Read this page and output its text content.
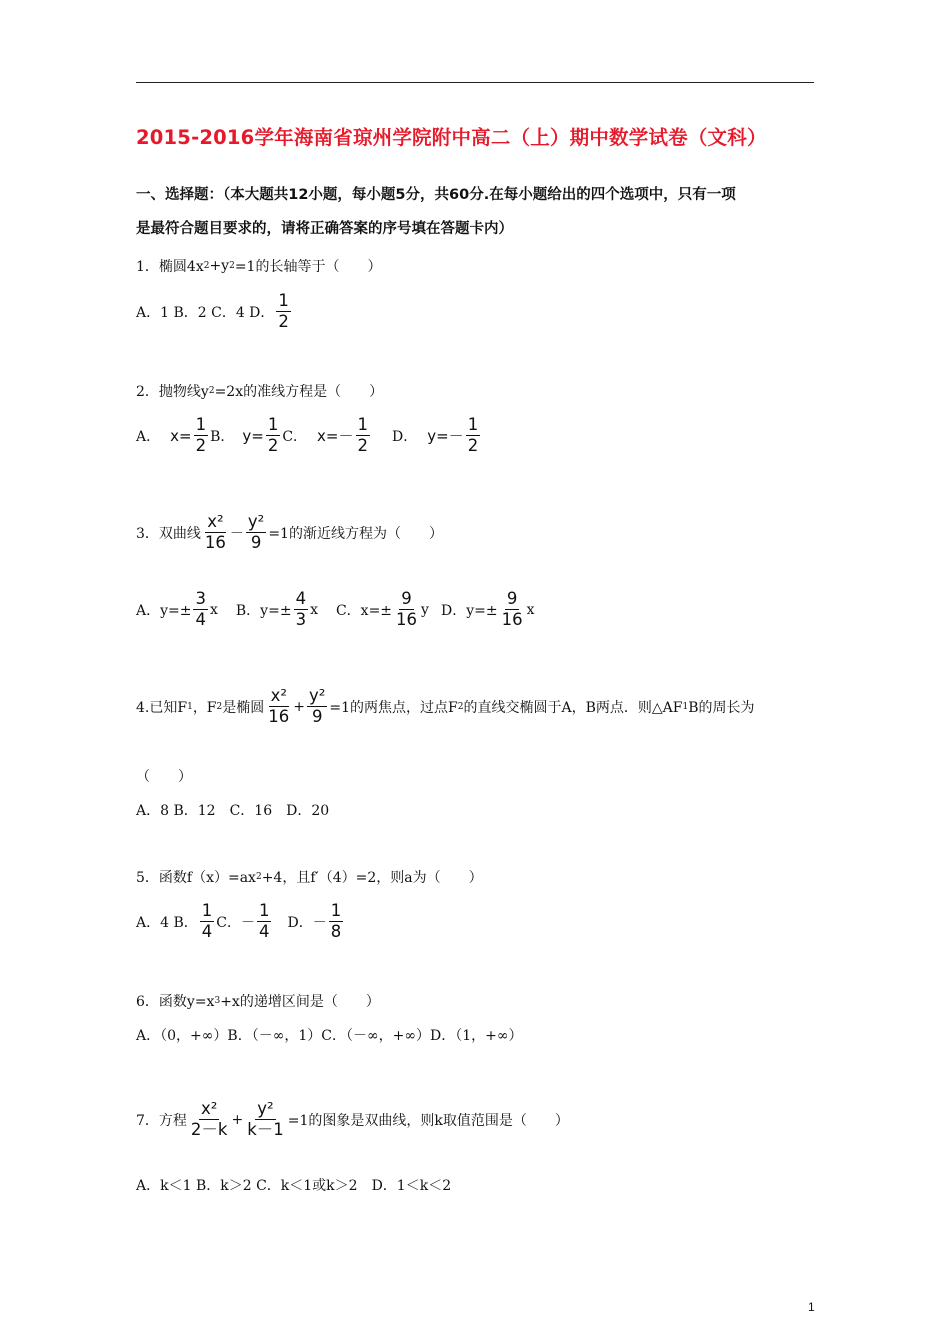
2015-2016学年海南省琼州学院附中高二（上）期中数学试卷（文科）
一、选择题：（本大题共12小题，每小题5分，共60分.在每小题给出的四个选项中，只有一项
是最符合题目要求的，请将正确答案的序号填在答题卡内）
1．椭圆4x 2 +y 2 =1的长轴等于（　　）
A．1 B．2 C．4 D． $\frac{1}{2}$
2．抛物线y 2 =2x的准线方程是（　　）
A． $x= \frac{1}{2}$ B． $y= \frac{1}{2}$ C． $x=- \frac{1}{2}$ D． $y=- \frac{1}{2}$
3．双曲线 $\frac{\text{x²}}{16} - \frac{\text{y²}}{9} =1$的渐近线方程为（　　）
A．$y=\pm \frac{3}{4}$ x B．$y=\pm \frac{4}{3}$ x C．$x=\pm \frac{9}{16}$ y D．$y=\pm \frac{9}{16}$ x
4.已知F 1 ，F 2 是椭圆 $\frac{\text{x²}}{16} + \frac{\text{y²}}{9} =1$的两焦点，过点F 2 的直线交椭圆于A，B两点．则△AF 1 B的周长为
（　　）
A．8 B．12　C．16　D．20
5．函数f（x）=ax 2 +4，且f′（4）=2，则a为（　　）
A．4 B． $\frac{1}{4}$ C．－ $\frac{1}{4}$ D．－ $\frac{1}{8}$
6．函数y=x 3 +x的递增区间是（　　）
A．（0，+∞）B．（－∞，1）C．（－∞，+∞）D．（1，+∞）
7．方程 $\frac{\text{x²}}{2-k} + \frac{\text{y²}}{k-1} =1$的图象是双曲线，则k取值范围是（　　）
A．k＜1 B．k＞2 C．k＜1或k＞2　D．1＜k＜2
1
